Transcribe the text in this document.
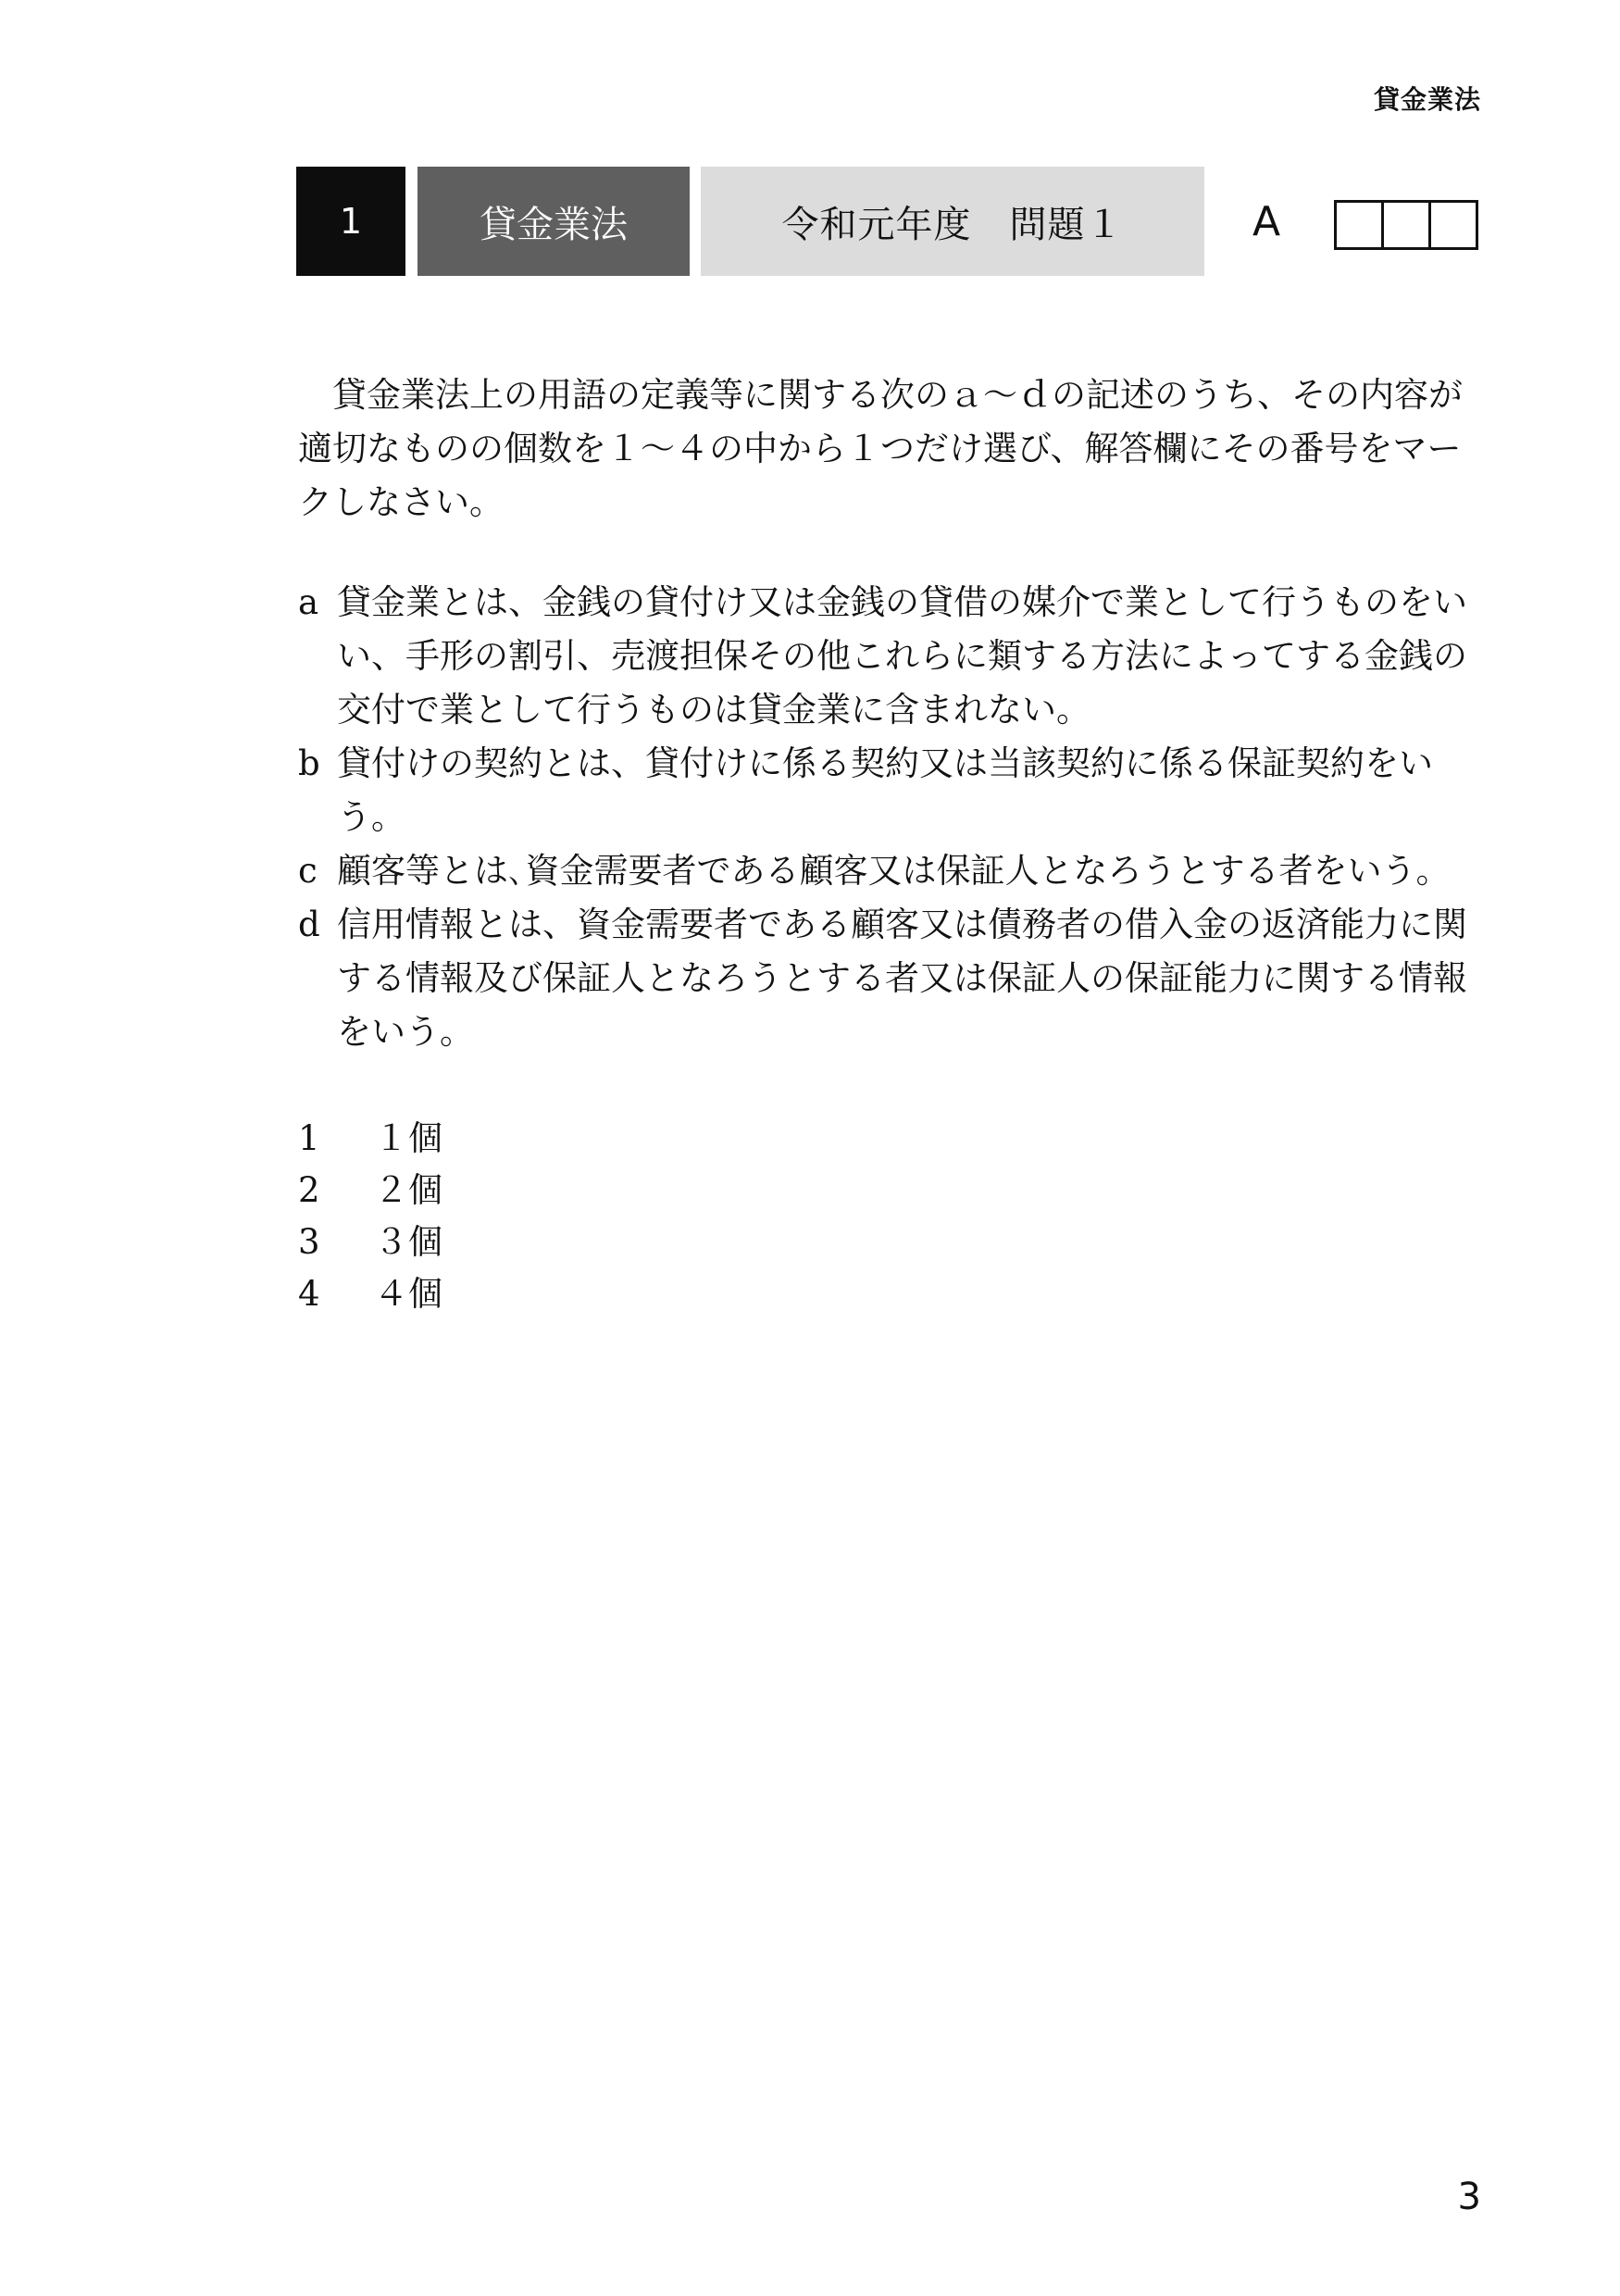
貸金業法
1	貸金業法	令和元年度　問題１	A

貸金業法上の用語の定義等に関する次のａ～ｄの記述のうち、その内容が適切なものの個数を１～４の中から１つだけ選び、解答欄にその番号をマークしなさい。

a 貸金業とは、金銭の貸付け又は金銭の貸借の媒介で業として行うものをいい、手形の割引、売渡担保その他これらに類する方法によってする金銭の交付で業として行うものは貸金業に含まれない。
b 貸付けの契約とは、貸付けに係る契約又は当該契約に係る保証契約をいう。
c 顧客等とは､資金需要者である顧客又は保証人となろうとする者をいう。
d 信用情報とは、資金需要者である顧客又は債務者の借入金の返済能力に関する情報及び保証人となろうとする者又は保証人の保証能力に関する情報をいう。
1	１個
2	２個
3	３個
4	４個
3
